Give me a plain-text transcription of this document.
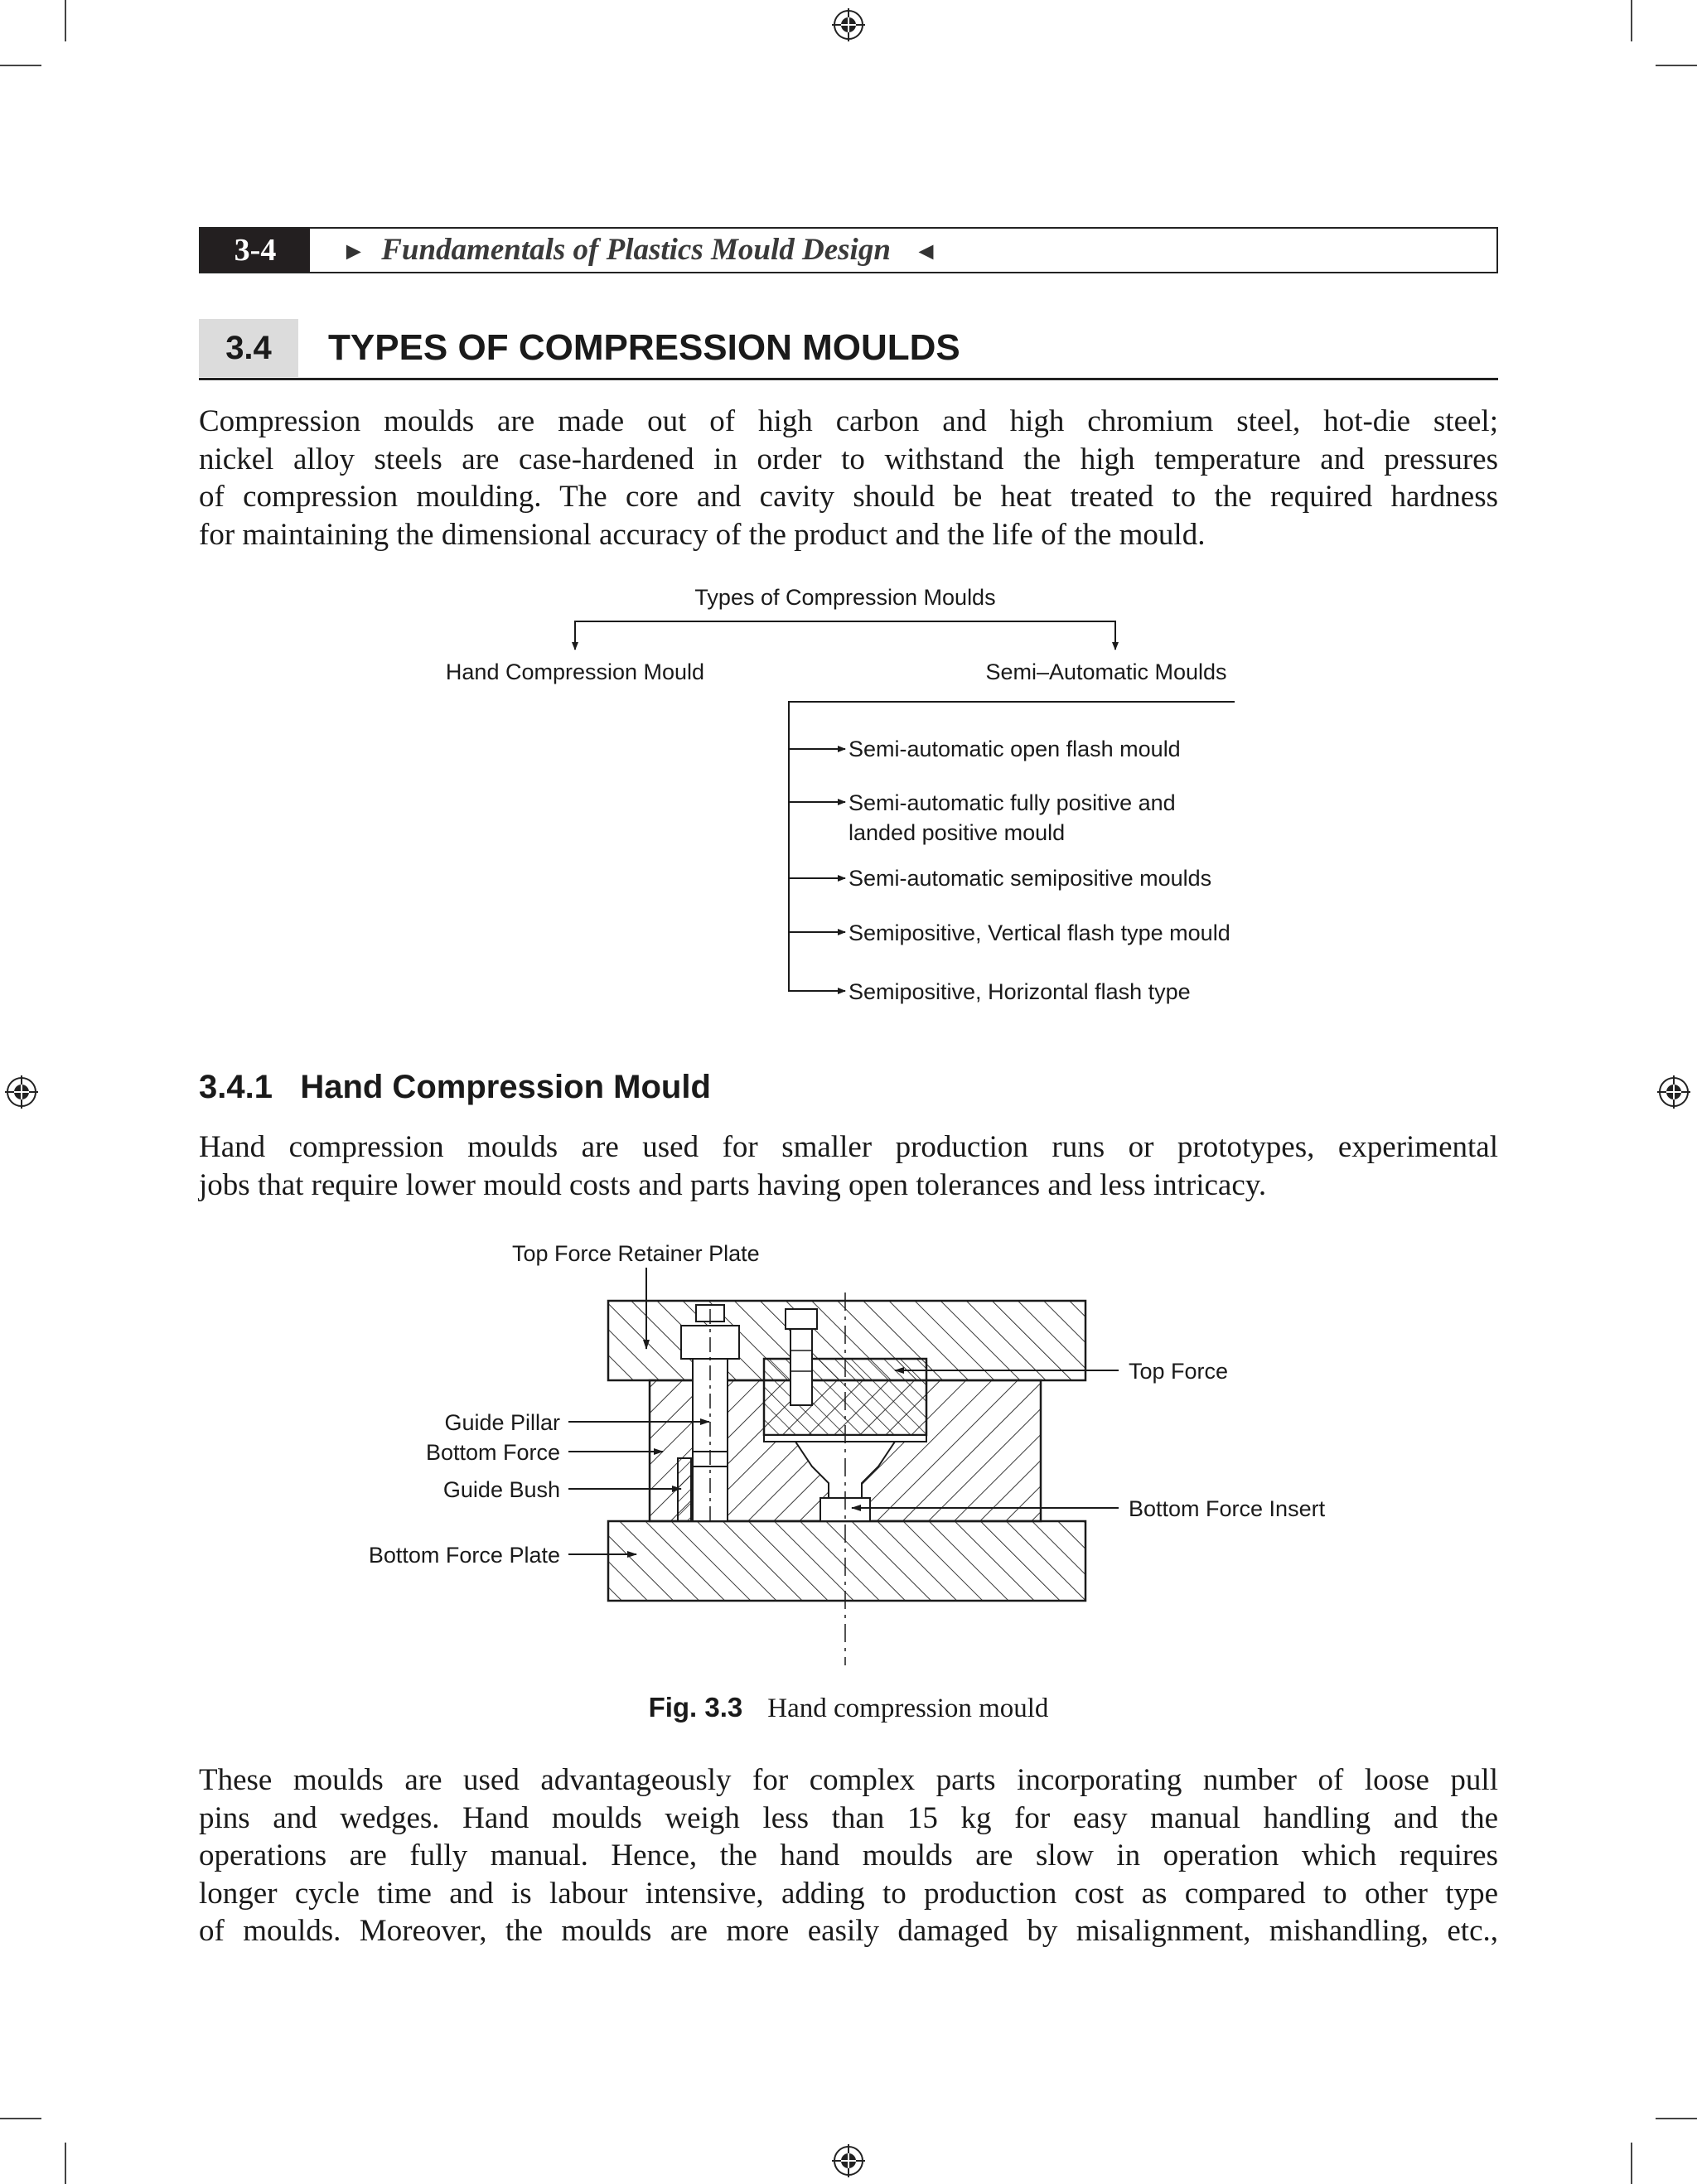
3-4	► Fundamentals of Plastics Mould Design ◄
3.4	TYPES OF COMPRESSION MOULDS
Compression moulds are made out of high carbon and high chromium steel, hot-die steel;
nickel alloy steels are case-hardened in order to withstand the high temperature and pressures
of compression moulding. The core and cavity should be heat treated to the required hardness
for maintaining the dimensional accuracy of the product and the life of the mould.
Types of Compression Moulds
Hand Compression Mould	Semi–Automatic Moulds
Semi-automatic open flash mould
Semi-automatic fully positive and
landed positive mould
Semi-automatic semipositive moulds
Semipositive, Vertical flash type mould
Semipositive, Horizontal flash type
3.4.1 Hand Compression Mould
Hand compression moulds are used for smaller production runs or prototypes, experimental
jobs that require lower mould costs and parts having open tolerances and less intricacy.
Top Force Retainer Plate
Top Force
Guide Pillar
Bottom Force
Guide Bush
Bottom Force Plate
Bottom Force Insert
Fig. 3.3 Hand compression mould
These moulds are used advantageously for complex parts incorporating number of loose pull
pins and wedges. Hand moulds weigh less than 15 kg for easy manual handling and the
operations are fully manual. Hence, the hand moulds are slow in operation which requires
longer cycle time and is labour intensive, adding to production cost as compared to other type
of moulds. Moreover, the moulds are more easily damaged by misalignment, mishandling, etc.,
